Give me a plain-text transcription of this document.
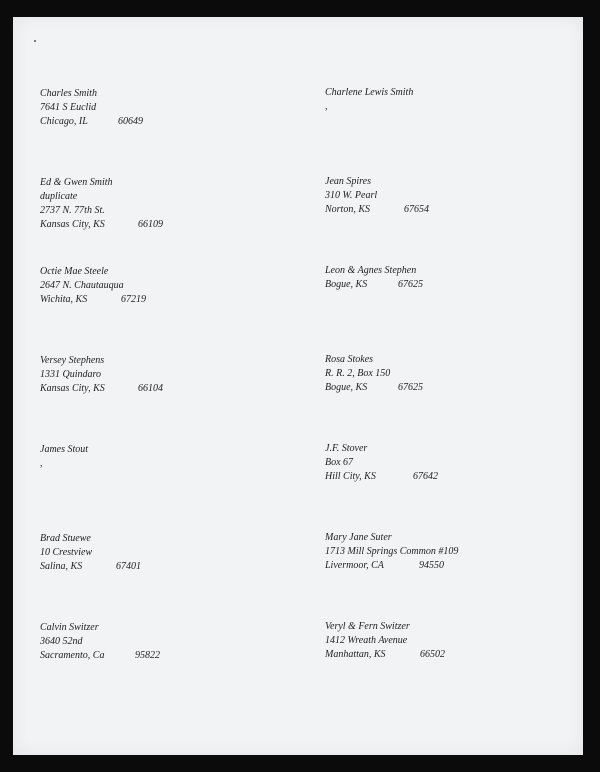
Charles Smith
7641 S Euclid
Chicago, IL	60649
Charlene Lewis Smith
,
Ed & Gwen Smith
duplicate
2737 N. 77th St.
Kansas City, KS	66109
Jean Spires
310 W. Pearl
Norton, KS	67654
Octie Mae Steele
2647 N. Chautauqua
Wichita, KS	67219
Leon & Agnes Stephen
Bogue, KS	67625
Versey Stephens
1331 Quindaro
Kansas City, KS	66104
Rosa Stokes
R. R. 2, Box 150
Bogue, KS	67625
James Stout
,
J.F. Stover
Box 67
Hill City, KS	67642
Brad Stuewe
10 Crestview
Salina, KS	67401
Mary Jane Suter
1713 Mill Springs Common #109
Livermoor, CA	94550
Calvin Switzer
3640 52nd
Sacramento, Ca	95822
Veryl & Fern Switzer
1412 Wreath Avenue
Manhattan, KS	66502
